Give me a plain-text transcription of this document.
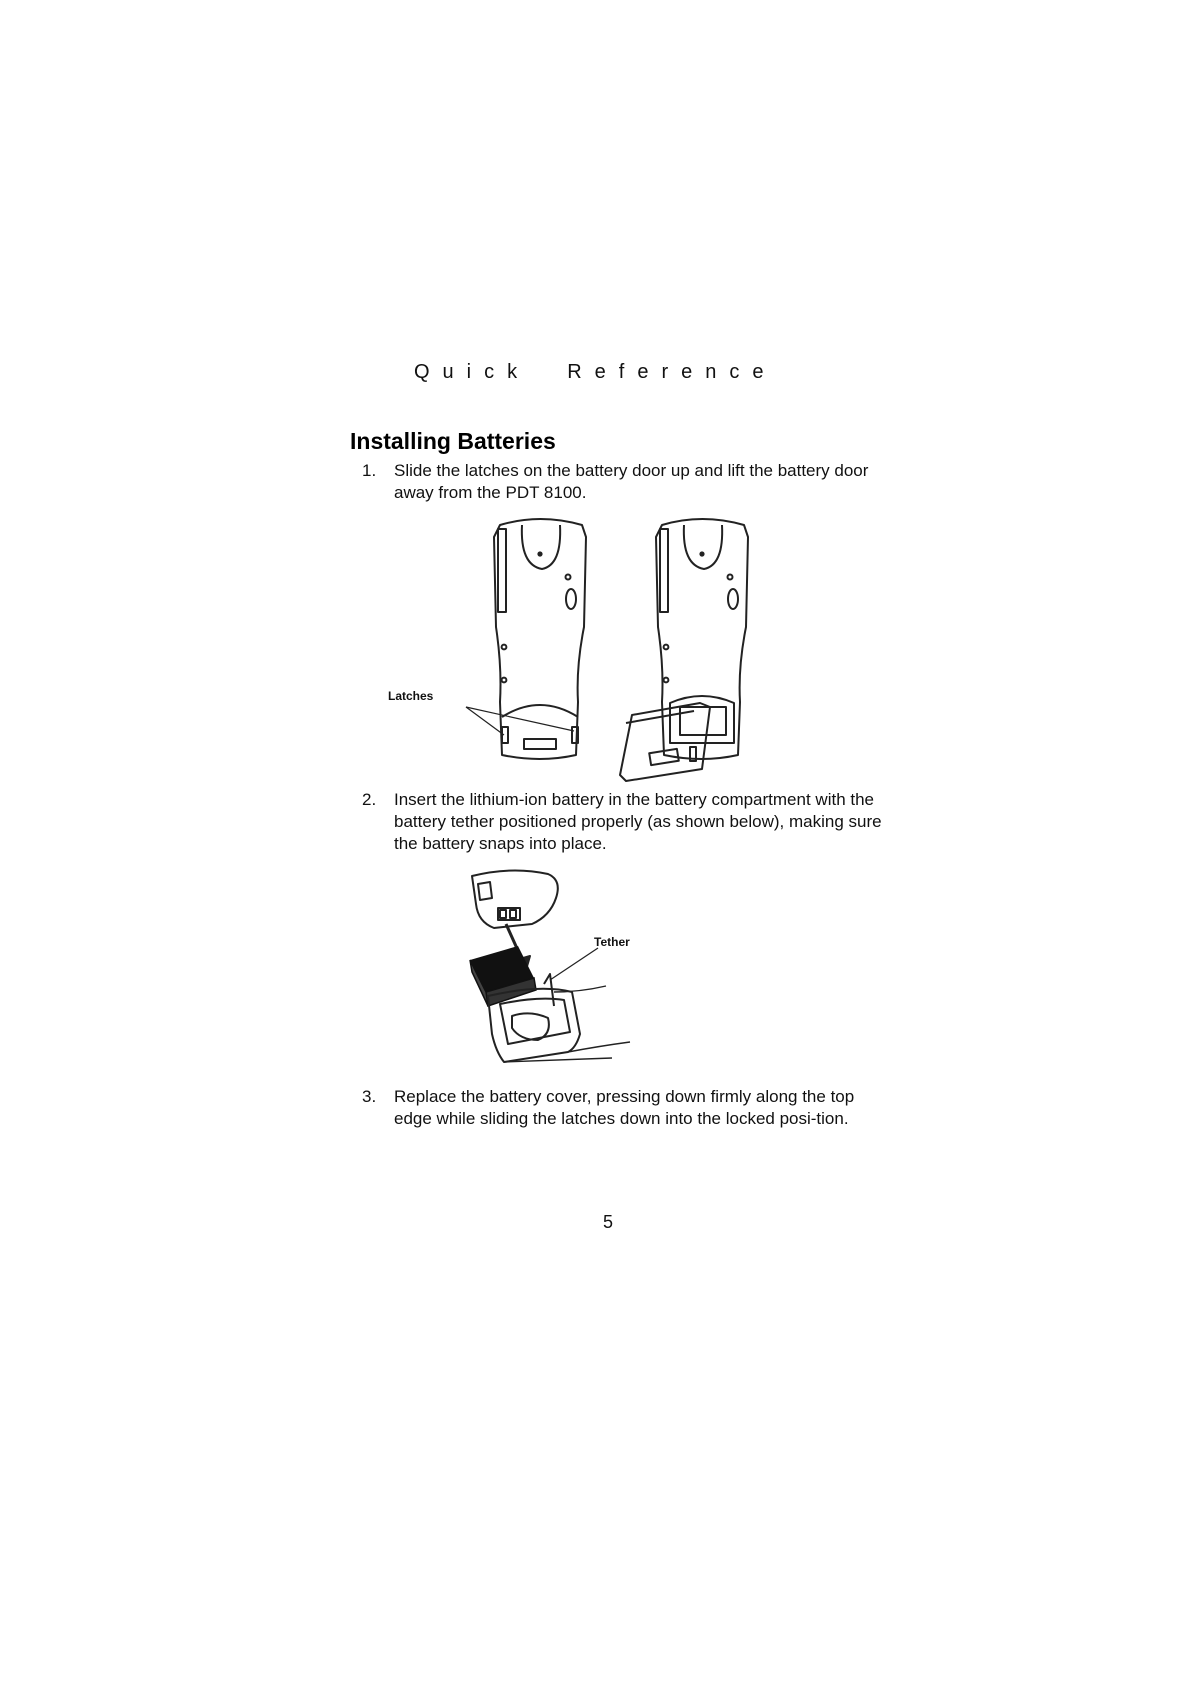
Quick  Reference
Installing Batteries
1. Slide the latches on the battery door up and lift the battery door away from the PDT 8100.
Latches
2. Insert the lithium-ion battery in the battery compartment with the battery tether positioned properly (as shown below), making sure the battery snaps into place.
Tether
3. Replace the battery cover, pressing down firmly along the top edge while sliding the latches down into the locked posi-tion.
5
